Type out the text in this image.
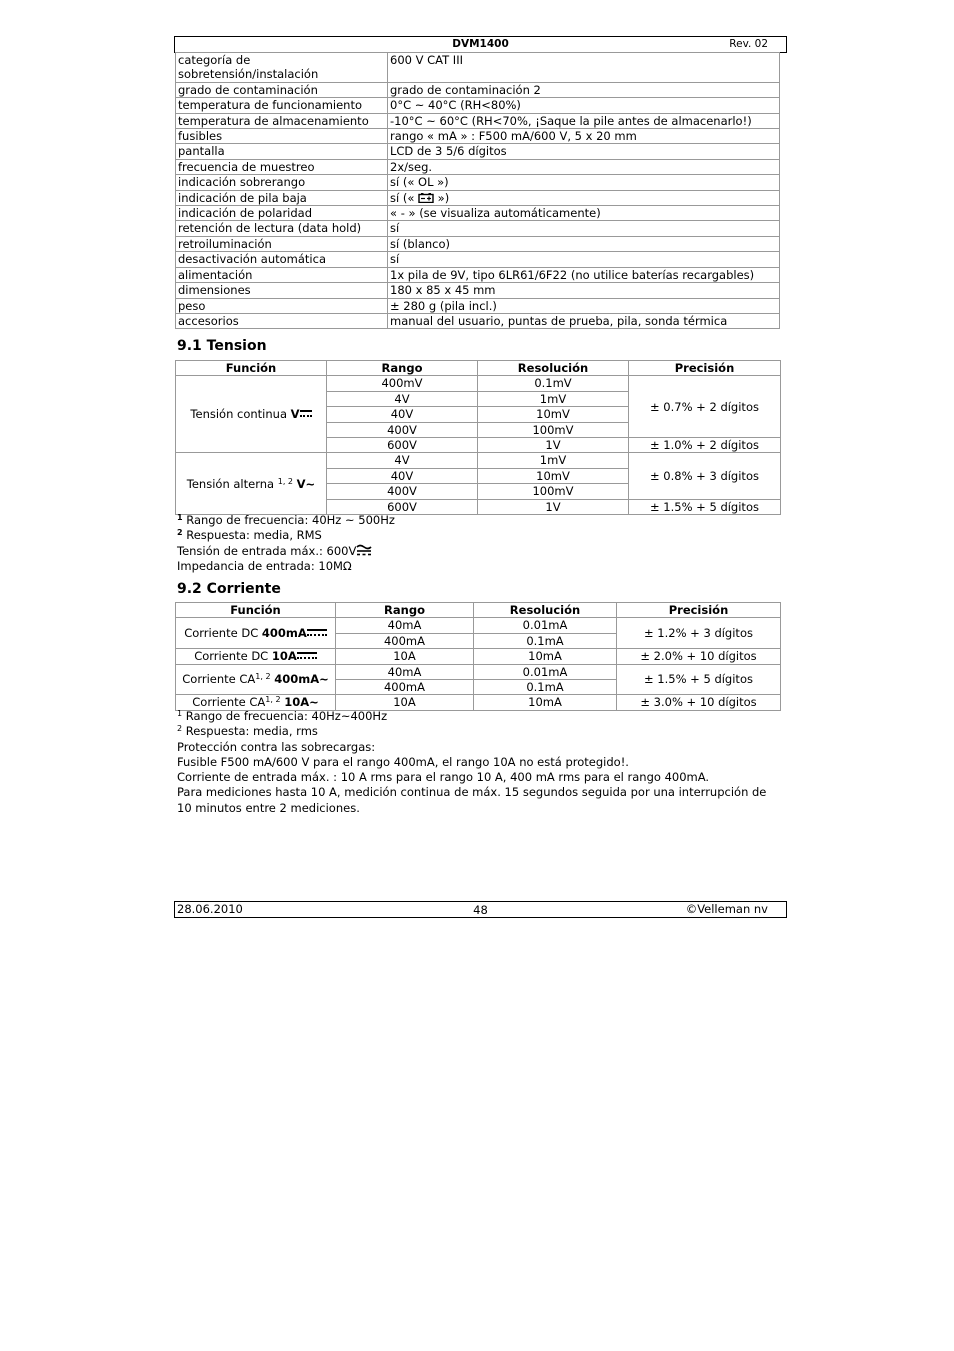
DVM1400	Rev. 02
categoría de sobretensión/instalación	600 V CAT III
grado de contaminación	grado de contaminación 2
temperatura de funcionamiento	0°C ~ 40°C (RH<80%)
temperatura de almacenamiento	-10°C ~ 60°C (RH<70%, ¡Saque la pile antes de almacenarlo!)
fusibles	rango « mA » : F500 mA/600 V, 5 x 20 mm
pantalla	LCD de 3 5/6 dígitos
frecuencia de muestreo	2x/seg.
indicación sobrerango	sí (« OL »)
indicación de pila baja	sí («  »)
indicación de polaridad	« - » (se visualiza automáticamente)
retención de lectura (data hold)	sí
retroiluminación	sí (blanco)
desactivación automática	sí
alimentación	1x pila de 9V, tipo 6LR61/6F22 (no utilice baterías recargables)
dimensiones	180 x 85 x 45 mm
peso	± 280 g (pila incl.)
accesorios	manual del usuario, puntas de prueba, pila, sonda térmica
9.1 Tension
Función	Rango	Resolución	Precisión
Tensión continua V	400mV	0.1mV	± 0.7% + 2 dígitos
	4V	1mV	
	40V	10mV	
	400V	100mV	
	600V	1V	± 1.0% + 2 dígitos
Tensión alterna $^{1, 2}$ V~	4V	1mV	± 0.8% + 3 dígitos
	40V	10mV	
	400V	100mV	
	600V	1V	± 1.5% + 5 dígitos

$^1$ Rango de frecuencia: 40Hz ~ 500Hz

$^2$ Respuesta: media, RMS

Tensión de entrada máx.: 600V

Impedancia de entrada: 10MΩ

9.2 Corriente
Función	Rango	Resolución	Precisión
Corriente DC 400mA	40mA	0.01mA	± 1.2% + 3 dígitos
	400mA	0.1mA	
Corriente DC 10A	10A	10mA	± 2.0% + 10 dígitos
Corriente CA$^{1, 2}$ 400mA~	40mA	0.01mA	± 1.5% + 5 dígitos
	400mA	0.1mA	
Corriente CA$^{1, 2}$ 10A~	10A	10mA	± 3.0% + 10 dígitos

$^1$ Rango de frecuencia: 40Hz~400Hz

$^2$ Respuesta: media, rms

Protección contra las sobrecargas:

Fusible F500 mA/600 V para el rango 400mA, el rango 10A no está protegido!.

Corriente de entrada máx. : 10 A rms para el rango 10 A, 400 mA rms para el rango 400mA.

Para mediciones hasta 10 A, medición continua de máx. 15 segundos seguida por una interrupción de 10 minutos entre 2 mediciones.

28.06.2010	48	©Velleman nv
